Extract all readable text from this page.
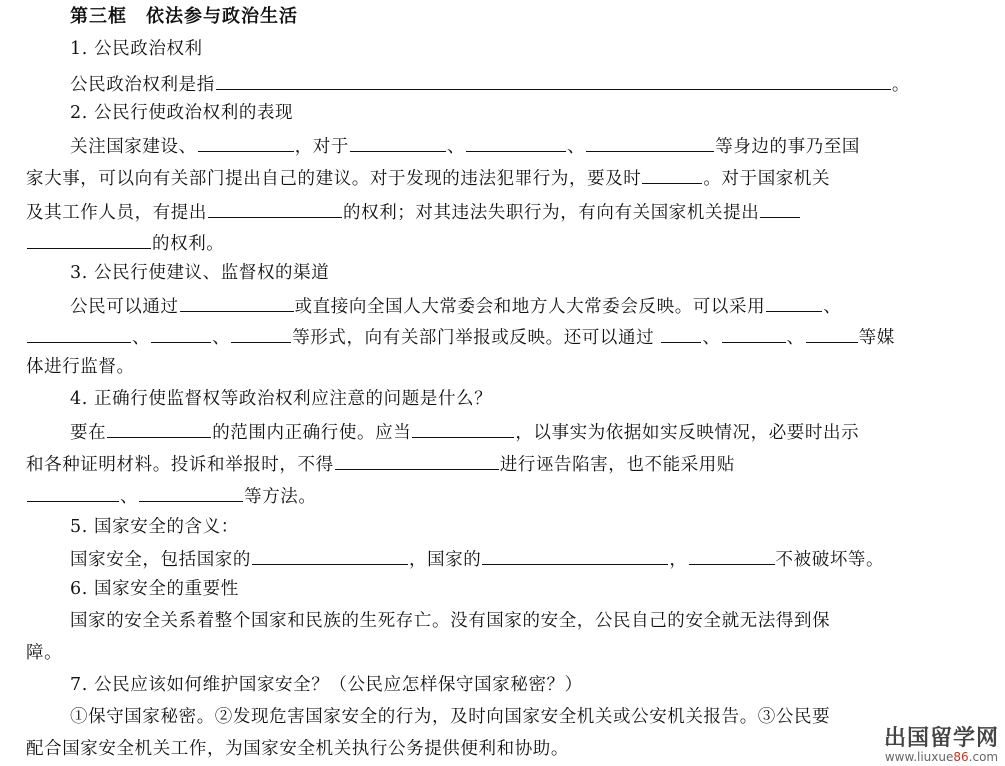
第三框　依法参与政治生活
1. 公民政治权利
公民政治权利是指	。
2. 公民行使政治权利的表现
关注国家建设、	，对于	、	、	等身边的事乃至国
家大事，可以向有关部门提出自己的建议。对于发现的违法犯罪行为，要及时	。对于国家机关
及其工作人员，有提出	的权利；对其违法失职行为，有向有关国家机关提出
的权利。
3. 公民行使建议、监督权的渠道
公民可以通过	或直接向全国人大常委会和地方人大常委会反映。可以采用	、
、	、	等形式，向有关部门举报或反映。还可以通过	、	、	等媒
体进行监督。
4. 正确行使监督权等政治权利应注意的问题是什么？
要在	的范围内正确行使。应当	，以事实为依据如实反映情况，必要时出示
和各种证明材料。投诉和举报时，不得	进行诬告陷害，也不能采用贴
、	等方法。
5. 国家安全的含义：
国家安全，包括国家的	，国家的	，	不被破坏等。
6. 国家安全的重要性
国家的安全关系着整个国家和民族的生死存亡。没有国家的安全，公民自己的安全就无法得到保
障。
7. 公民应该如何维护国家安全？（公民应怎样保守国家秘密？）
①保守国家秘密。②发现危害国家安全的行为，及时向国家安全机关或公安机关报告。③公民要
配合国家安全机关工作，为国家安全机关执行公务提供便利和协助。	出国留学网
www.liuxue86.com
